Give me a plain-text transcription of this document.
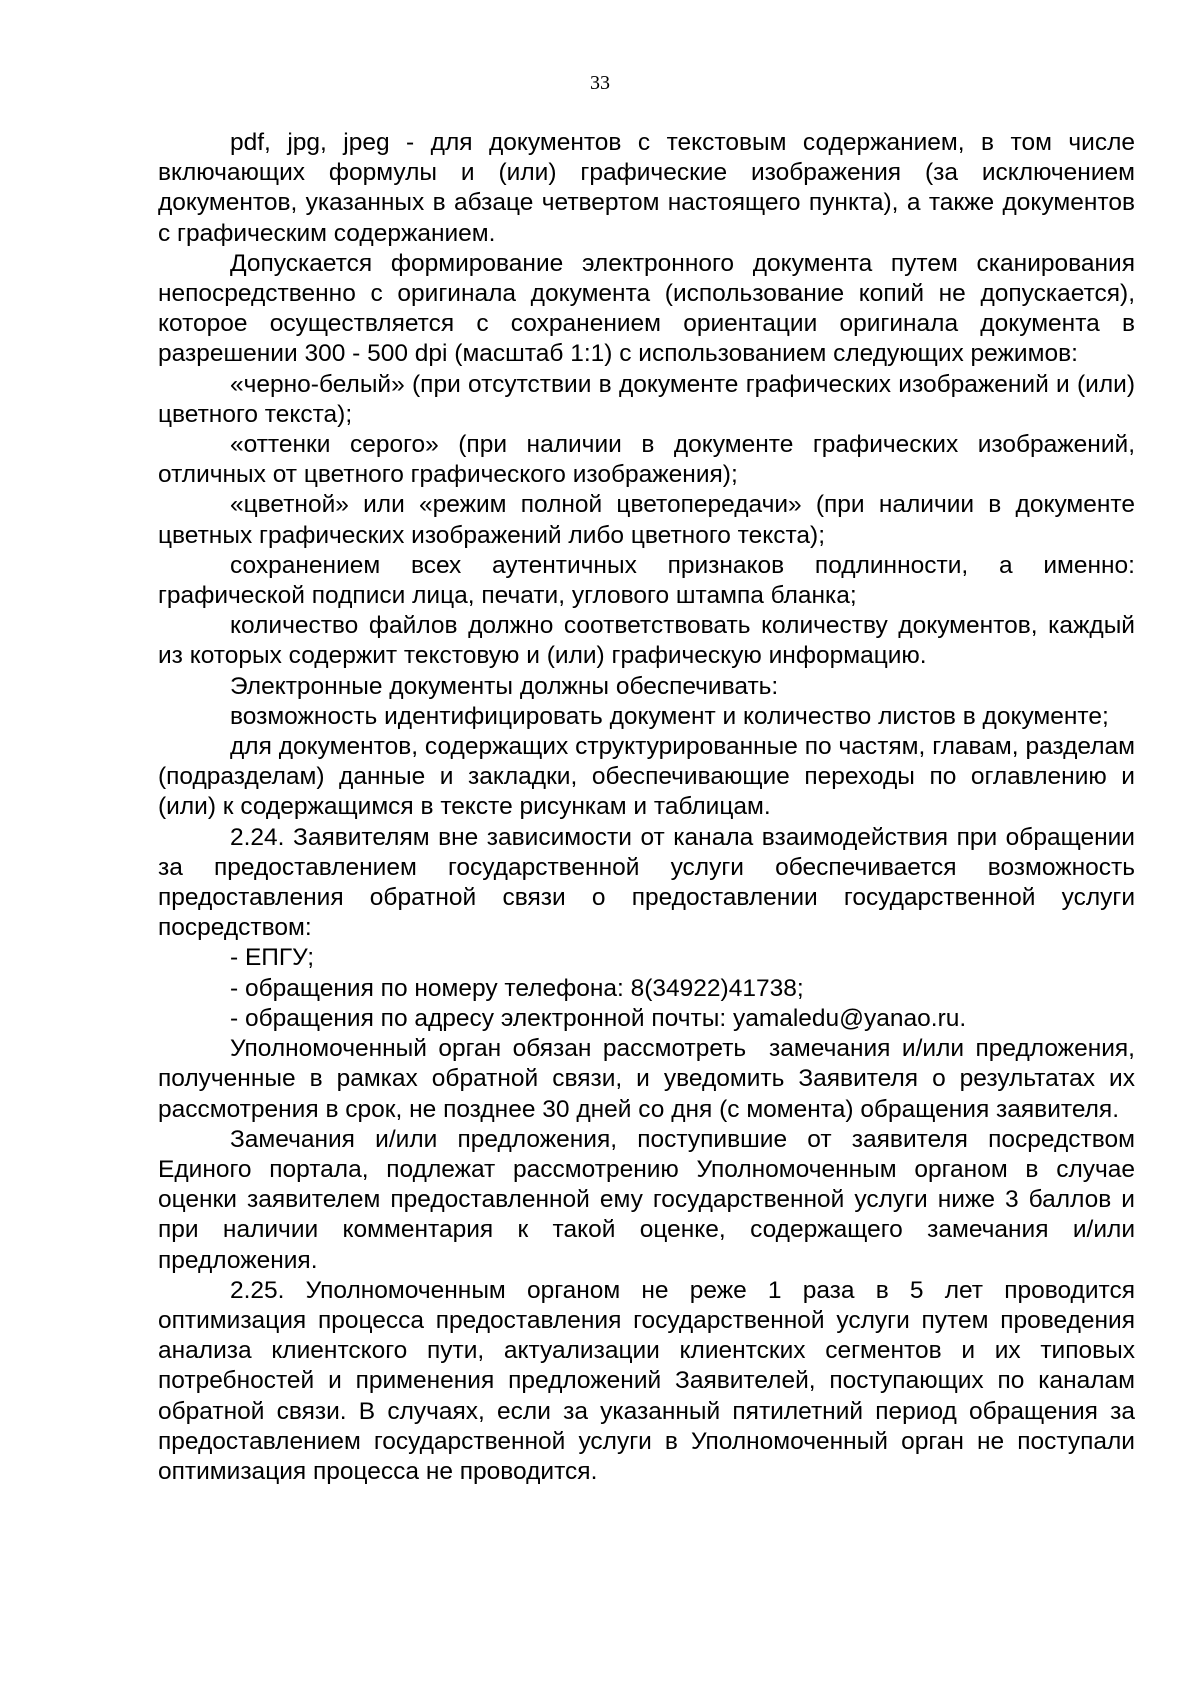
33

pdf, jpg, jpeg - для документов с текстовым содержанием, в том числе включающих формулы и (или) графические изображения (за исключением документов, указанных в абзаце четвертом настоящего пункта), а также документов с графическим содержанием.

Допускается формирование электронного документа путем сканирования непосредственно с оригинала документа (использование копий не допускается), которое осуществляется с сохранением ориентации оригинала документа в разрешении 300 - 500 dpi (масштаб 1:1) с использованием следующих режимов:

«черно-белый» (при отсутствии в документе графических изображений и (или) цветного текста);

«оттенки серого» (при наличии в документе графических изображений, отличных от цветного графического изображения);

«цветной» или «режим полной цветопередачи» (при наличии в документе цветных графических изображений либо цветного текста);

сохранением всех аутентичных признаков подлинности, а именно: графической подписи лица, печати, углового штампа бланка;

количество файлов должно соответствовать количеству документов, каждый из которых содержит текстовую и (или) графическую информацию.

Электронные документы должны обеспечивать:

возможность идентифицировать документ и количество листов в документе;

для документов, содержащих структурированные по частям, главам, разделам (подразделам) данные и закладки, обеспечивающие переходы по оглавлению и (или) к содержащимся в тексте рисункам и таблицам.

2.24. Заявителям вне зависимости от канала взаимодействия при обращении за предоставлением государственной услуги обеспечивается возможность предоставления обратной связи о предоставлении государственной услуги посредством:

- ЕПГУ;

- обращения по номеру телефона: 8(34922)41738;

- обращения по адресу электронной почты: yamaledu@yanao.ru.

Уполномоченный орган обязан рассмотреть  замечания и/или предложения, полученные в рамках обратной связи, и уведомить Заявителя о результатах их рассмотрения в срок, не позднее 30 дней со дня (с момента) обращения заявителя.

Замечания и/или предложения, поступившие от заявителя посредством Единого портала, подлежат рассмотрению Уполномоченным органом в случае оценки заявителем предоставленной ему государственной услуги ниже 3 баллов и при наличии комментария к такой оценке, содержащего замечания и/или предложения.

2.25. Уполномоченным органом не реже 1 раза в 5 лет проводится оптимизация процесса предоставления государственной услуги путем проведения анализа клиентского пути, актуализации клиентских сегментов и их типовых потребностей и применения предложений Заявителей, поступающих по каналам обратной связи. В случаях, если за указанный пятилетний период обращения за предоставлением государственной услуги в Уполномоченный орган не поступали оптимизация процесса не проводится.
